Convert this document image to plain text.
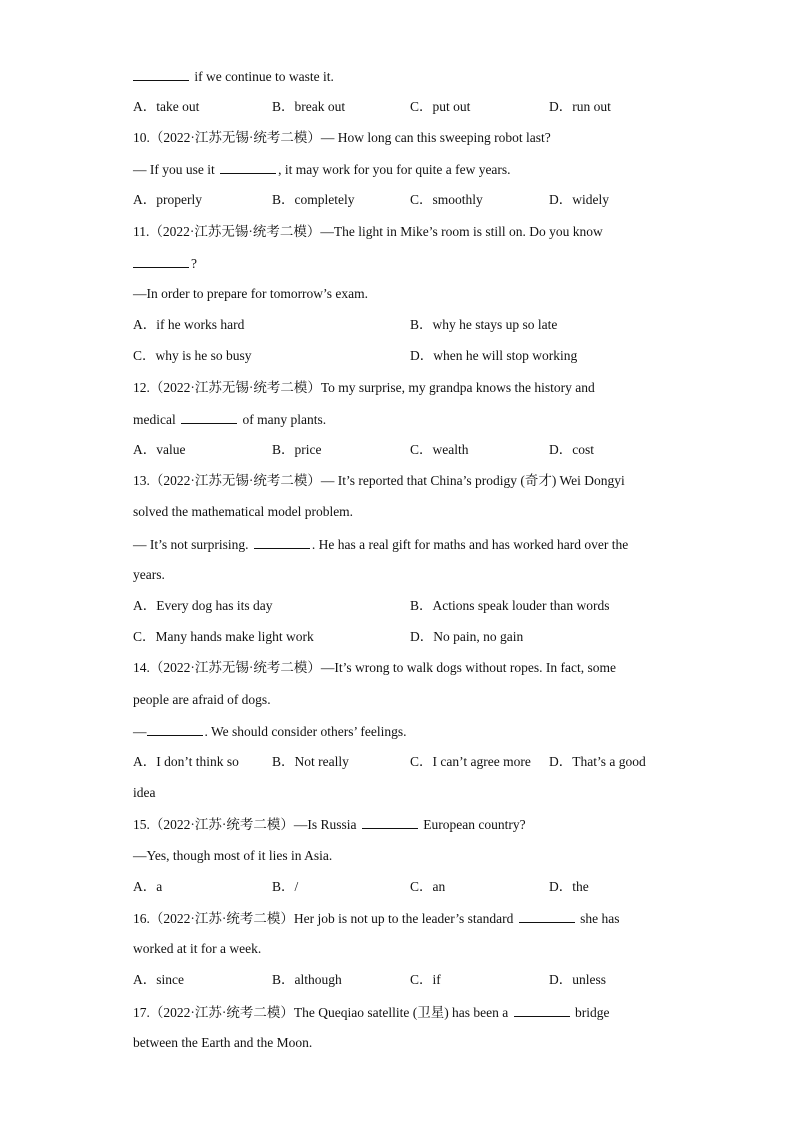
if we continue to waste it.
A．take out	B．break out	C．put out	D．run out
10.（2022·江苏无锡·统考二模）— How long can this sweeping robot last?
— If you use it	, it may work for you for quite a few years.
A．properly	B．completely	C．smoothly	D．widely
11.（2022·江苏无锡·统考二模）—The light in Mike’s room is still on. Do you know
?
—In order to prepare for tomorrow’s exam.
A．if he works hard	B．why he stays up so late
C．why is he so busy	D．when he will stop working
12.（2022·江苏无锡·统考二模）To my surprise, my grandpa knows the history and
medical	of many plants.
A．value	B．price	C．wealth	D．cost
13.（2022·江苏无锡·统考二模）— It’s reported that China’s prodigy (奇才) Wei Dongyi
solved the mathematical model problem.
— It’s not surprising.	. He has a real gift for maths and has worked hard over the
years.
A．Every dog has its day	B．Actions speak louder than words
C．Many hands make light work	D．No pain, no gain
14.（2022·江苏无锡·统考二模）—It’s wrong to walk dogs without ropes. In fact, some
people are afraid of dogs.
—	. We should consider others’ feelings.
A．I don’t think so B．Not really	C．I can’t agree more D．That’s a good
idea
15.（2022·江苏·统考二模）—Is Russia	European country?
—Yes, though most of it lies in Asia.
A．a	B．/	C．an	D．the
16.（2022·江苏·统考二模）Her job is not up to the leader’s standard	she has
worked at it for a week.
A．since	B．although	C．if	D．unless
17.（2022·江苏·统考二模）The Queqiao satellite (卫星) has been a	bridge
between the Earth and the Moon.
